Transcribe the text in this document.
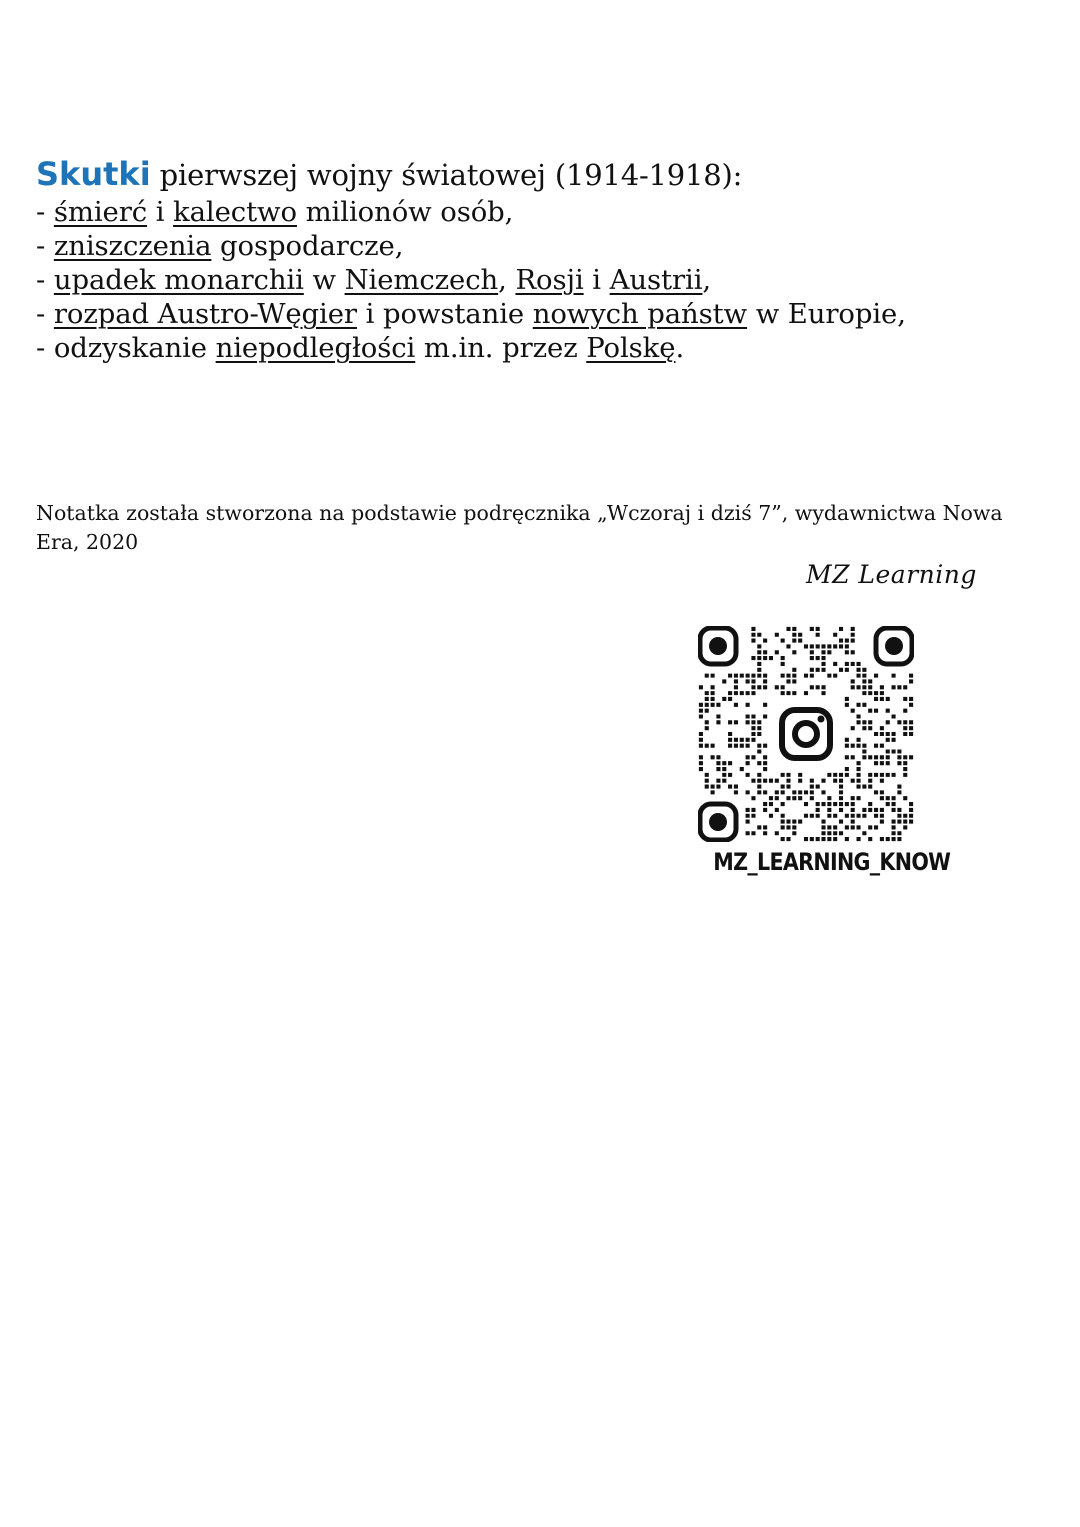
Skutki pierwszej wojny światowej (1914-1918):

- śmierć i kalectwo milionów osób,
- zniszczenia gospodarcze,
- upadek monarchii w Niemczech, Rosji i Austrii,
- rozpad Austro-Węgier i powstanie nowych państw w Europie,
- odzyskanie niepodległości m.in. przez Polskę.

Notatka została stworzona na podstawie podręcznika „Wczoraj i dziś 7”, wydawnictwa Nowa Era, 2020

MZ Learning
MZ_LEARNING_KNOW
